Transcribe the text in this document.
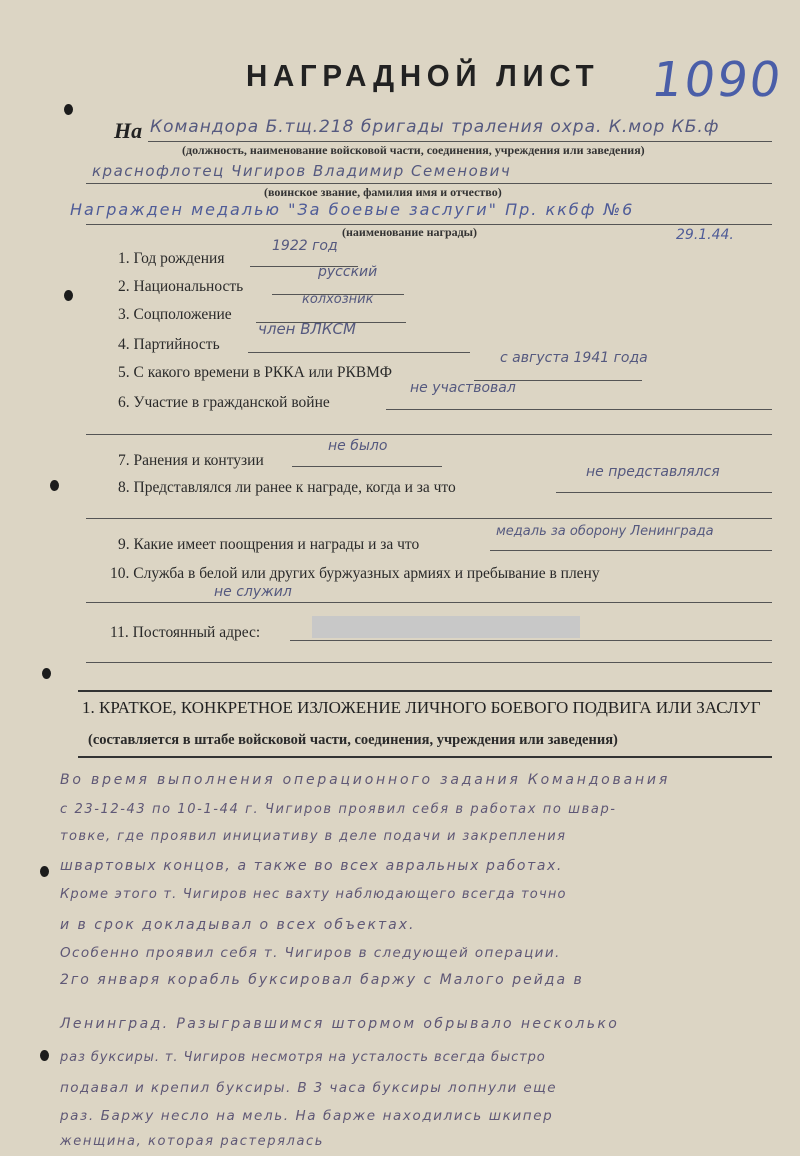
НАГРАДНОЙ ЛИСТ 1090
На Командора Б.тщ.218 бригады траления охра. К.мор КБ.ф
(должность, наименование войсковой части, соединения, учреждения или заведения)
краснофлотец Чигиров Владимир Семенович
(воинское звание, фамилия имя и отчество)
Награжден медалью "За боевые заслуги" Пр. ккбф №6
29.1.44.
(наименование награды)
1. Год рождения
1922 год
2. Национальность
русский
3. Соцположение
колхозник
4. Партийность
член ВЛКСМ
5. С какого времени в РККА или РКВМФ
с августа 1941 года
6. Участие в гражданской войне
не участвовал
7. Ранения и контузии
не было
8. Представлялся ли ранее к награде, когда и за что
не представлялся
9. Какие имеет поощрения и награды и за что
медаль за оборону Ленинграда
10. Служба в белой или других буржуазных армиях и пребывание в плену
не служил
11. Постоянный адрес:
1. КРАТКОЕ, КОНКРЕТНОЕ ИЗЛОЖЕНИЕ ЛИЧНОГО БОЕВОГО ПОДВИГА ИЛИ ЗАСЛУГ
(составляется в штабе войсковой части, соединения, учреждения или заведения)
Во время выполнения операционного задания Командования
с 23-12-43 по 10-1-44 г. Чигиров проявил себя в работах по швар-
товке, где проявил инициативу в деле подачи и закрепления
швартовых концов, а также во всех авральных работах.
Кроме этого т. Чигиров нес вахту наблюдающего всегда точно
и в срок докладывал о всех объектах.
Особенно проявил себя т. Чигиров в следующей операции.
2го января корабль буксировал баржу с Малого рейда в
Ленинград. Разыгравшимся штормом обрывало несколько
раз буксиры. т. Чигиров несмотря на усталость всегда быстро
подавал и крепил буксиры. В 3 часа буксиры лопнули еще
раз. Баржу несло на мель. На барже находились шкипер
женщина, которая растерялась
